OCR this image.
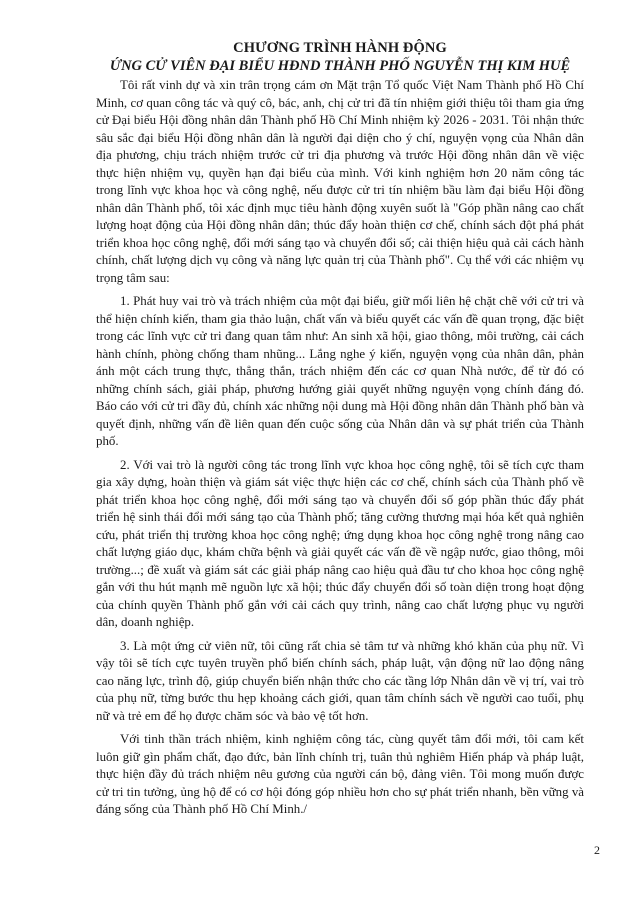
CHƯƠNG TRÌNH HÀNH ĐỘNG
ỨNG CỬ VIÊN ĐẠI BIỂU HĐND THÀNH PHỐ NGUYỄN THỊ KIM HUỆ

Tôi rất vinh dự và xin trân trọng cám ơn Mặt trận Tổ quốc Việt Nam Thành phố Hồ Chí Minh, cơ quan công tác và quý cô, bác, anh, chị cử tri đã tín nhiệm giới thiệu tôi tham gia ứng cử Đại biểu Hội đồng nhân dân Thành phố Hồ Chí Minh nhiệm kỳ 2026 - 2031. Tôi nhận thức sâu sắc đại biểu Hội đồng nhân dân là người đại diện cho ý chí, nguyện vọng của Nhân dân địa phương, chịu trách nhiệm trước cử tri địa phương và trước Hội đồng nhân dân về việc thực hiện nhiệm vụ, quyền hạn đại biểu của mình. Với kinh nghiệm hơn 20 năm công tác trong lĩnh vực khoa học và công nghệ, nếu được cử tri tín nhiệm bầu làm đại biểu Hội đồng nhân dân Thành phố, tôi xác định mục tiêu hành động xuyên suốt là "Góp phần nâng cao chất lượng hoạt động của Hội đồng nhân dân; thúc đẩy hoàn thiện cơ chế, chính sách đột phá phát triển khoa học công nghệ, đổi mới sáng tạo và chuyển đổi số; cải thiện hiệu quả cải cách hành chính, chất lượng dịch vụ công và năng lực quản trị của Thành phố". Cụ thể với các nhiệm vụ trọng tâm sau:

1. Phát huy vai trò và trách nhiệm của một đại biểu, giữ mối liên hệ chặt chẽ với cử tri và thể hiện chính kiến, tham gia thảo luận, chất vấn và biểu quyết các vấn đề quan trọng, đặc biệt trong các lĩnh vực cử tri đang quan tâm như: An sinh xã hội, giao thông, môi trường, cải cách hành chính, phòng chống tham nhũng... Lắng nghe ý kiến, nguyện vọng của nhân dân, phản ánh một cách trung thực, thẳng thắn, trách nhiệm đến các cơ quan Nhà nước, để từ đó có những chính sách, giải pháp, phương hướng giải quyết những nguyện vọng chính đáng đó. Báo cáo với cử tri đầy đủ, chính xác những nội dung mà Hội đồng nhân dân Thành phố bàn và quyết định, những vấn đề liên quan đến cuộc sống của Nhân dân và sự phát triển của Thành phố.

2. Với vai trò là người công tác trong lĩnh vực khoa học công nghệ, tôi sẽ tích cực tham gia xây dựng, hoàn thiện và giám sát việc thực hiện các cơ chế, chính sách của Thành phố về phát triển khoa học công nghệ, đổi mới sáng tạo và chuyển đổi số góp phần thúc đẩy phát triển hệ sinh thái đổi mới sáng tạo của Thành phố; tăng cường thương mại hóa kết quả nghiên cứu, phát triển thị trường khoa học công nghệ; ứng dụng khoa học công nghệ trong nâng cao chất lượng giáo dục, khám chữa bệnh và giải quyết các vấn đề về ngập nước, giao thông, môi trường...; đề xuất và giám sát các giải pháp nâng cao hiệu quả đầu tư cho khoa học công nghệ gắn với thu hút mạnh mẽ nguồn lực xã hội; thúc đẩy chuyển đổi số toàn diện trong hoạt động của chính quyền Thành phố gắn với cải cách quy trình, nâng cao chất lượng phục vụ người dân, doanh nghiệp.

3. Là một ứng cử viên nữ, tôi cũng rất chia sẻ tâm tư và những khó khăn của phụ nữ. Vì vậy tôi sẽ tích cực tuyên truyền phổ biến chính sách, pháp luật, vận động nữ lao động nâng cao năng lực, trình độ, giúp chuyển biến nhận thức cho các tầng lớp Nhân dân về vị trí, vai trò của phụ nữ, từng bước thu hẹp khoảng cách giới, quan tâm chính sách về người cao tuổi, phụ nữ và trẻ em để họ được chăm sóc và bảo vệ tốt hơn.

Với tinh thần trách nhiệm, kinh nghiệm công tác, cùng quyết tâm đổi mới, tôi cam kết luôn giữ gìn phẩm chất, đạo đức, bản lĩnh chính trị, tuân thủ nghiêm Hiến pháp và pháp luật, thực hiện đầy đủ trách nhiệm nêu gương của người cán bộ, đảng viên. Tôi mong muốn được cử tri tin tưởng, ủng hộ để có cơ hội đóng góp nhiều hơn cho sự phát triển nhanh, bền vững và đáng sống của Thành phố Hồ Chí Minh./

2
